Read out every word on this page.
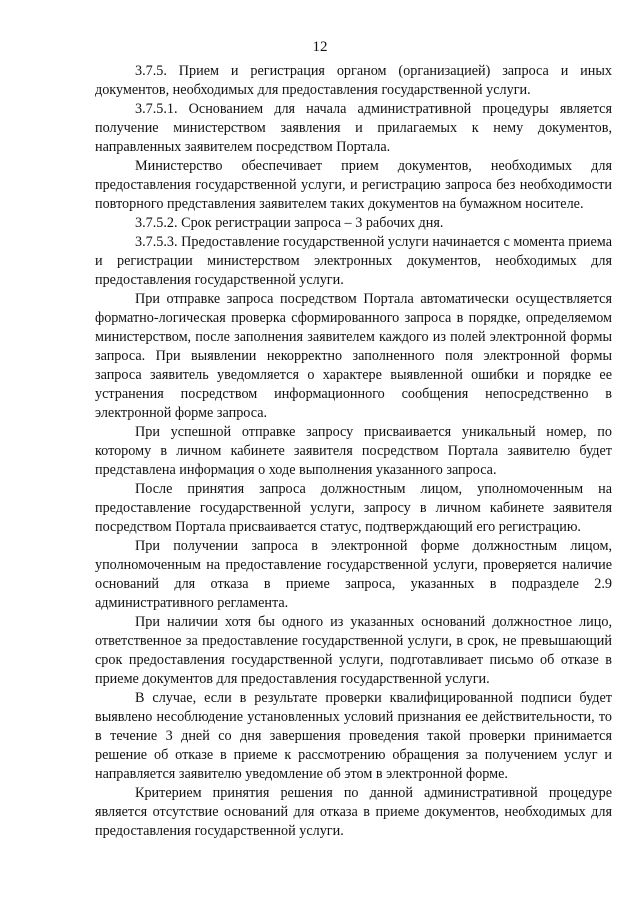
12

3.7.5. Прием и регистрация органом (организацией) запроса и иных документов, необходимых для предоставления государственной услуги.

3.7.5.1. Основанием для начала административной процедуры является получение министерством заявления и прилагаемых к нему документов, направленных заявителем посредством Портала.

Министерство обеспечивает прием документов, необходимых для предоставления государственной услуги, и регистрацию запроса без необходимости повторного представления заявителем таких документов на бумажном носителе.

3.7.5.2. Срок регистрации запроса – 3 рабочих дня.

3.7.5.3. Предоставление государственной услуги начинается с момента приема и регистрации министерством электронных документов, необходимых для предоставления государственной услуги.

При отправке запроса посредством Портала автоматически осуществляется форматно-логическая проверка сформированного запроса в порядке, определяемом министерством, после заполнения заявителем каждого из полей электронной формы запроса. При выявлении некорректно заполненного поля электронной формы запроса заявитель уведомляется о характере выявленной ошибки и порядке ее устранения посредством информационного сообщения непосредственно в электронной форме запроса.

При успешной отправке запросу присваивается уникальный номер, по которому в личном кабинете заявителя посредством Портала заявителю будет представлена информация о ходе выполнения указанного запроса.

После принятия запроса должностным лицом, уполномоченным на предоставление государственной услуги, запросу в личном кабинете заявителя посредством Портала присваивается статус, подтверждающий его регистрацию.

При получении запроса в электронной форме должностным лицом, уполномоченным на предоставление государственной услуги, проверяется наличие оснований для отказа в приеме запроса, указанных в подразделе 2.9 административного регламента.

При наличии хотя бы одного из указанных оснований должностное лицо, ответственное за предоставление государственной услуги, в срок, не превышающий срок предоставления государственной услуги, подготавливает письмо об отказе в приеме документов для предоставления государственной услуги.

В случае, если в результате проверки квалифицированной подписи будет выявлено несоблюдение установленных условий признания ее действительности, то в течение 3 дней со дня завершения проведения такой проверки принимается решение об отказе в приеме к рассмотрению обращения за получением услуг и направляется заявителю уведомление об этом в электронной форме.

Критерием принятия решения по данной административной процедуре является отсутствие оснований для отказа в приеме документов, необходимых для предоставления государственной услуги.
